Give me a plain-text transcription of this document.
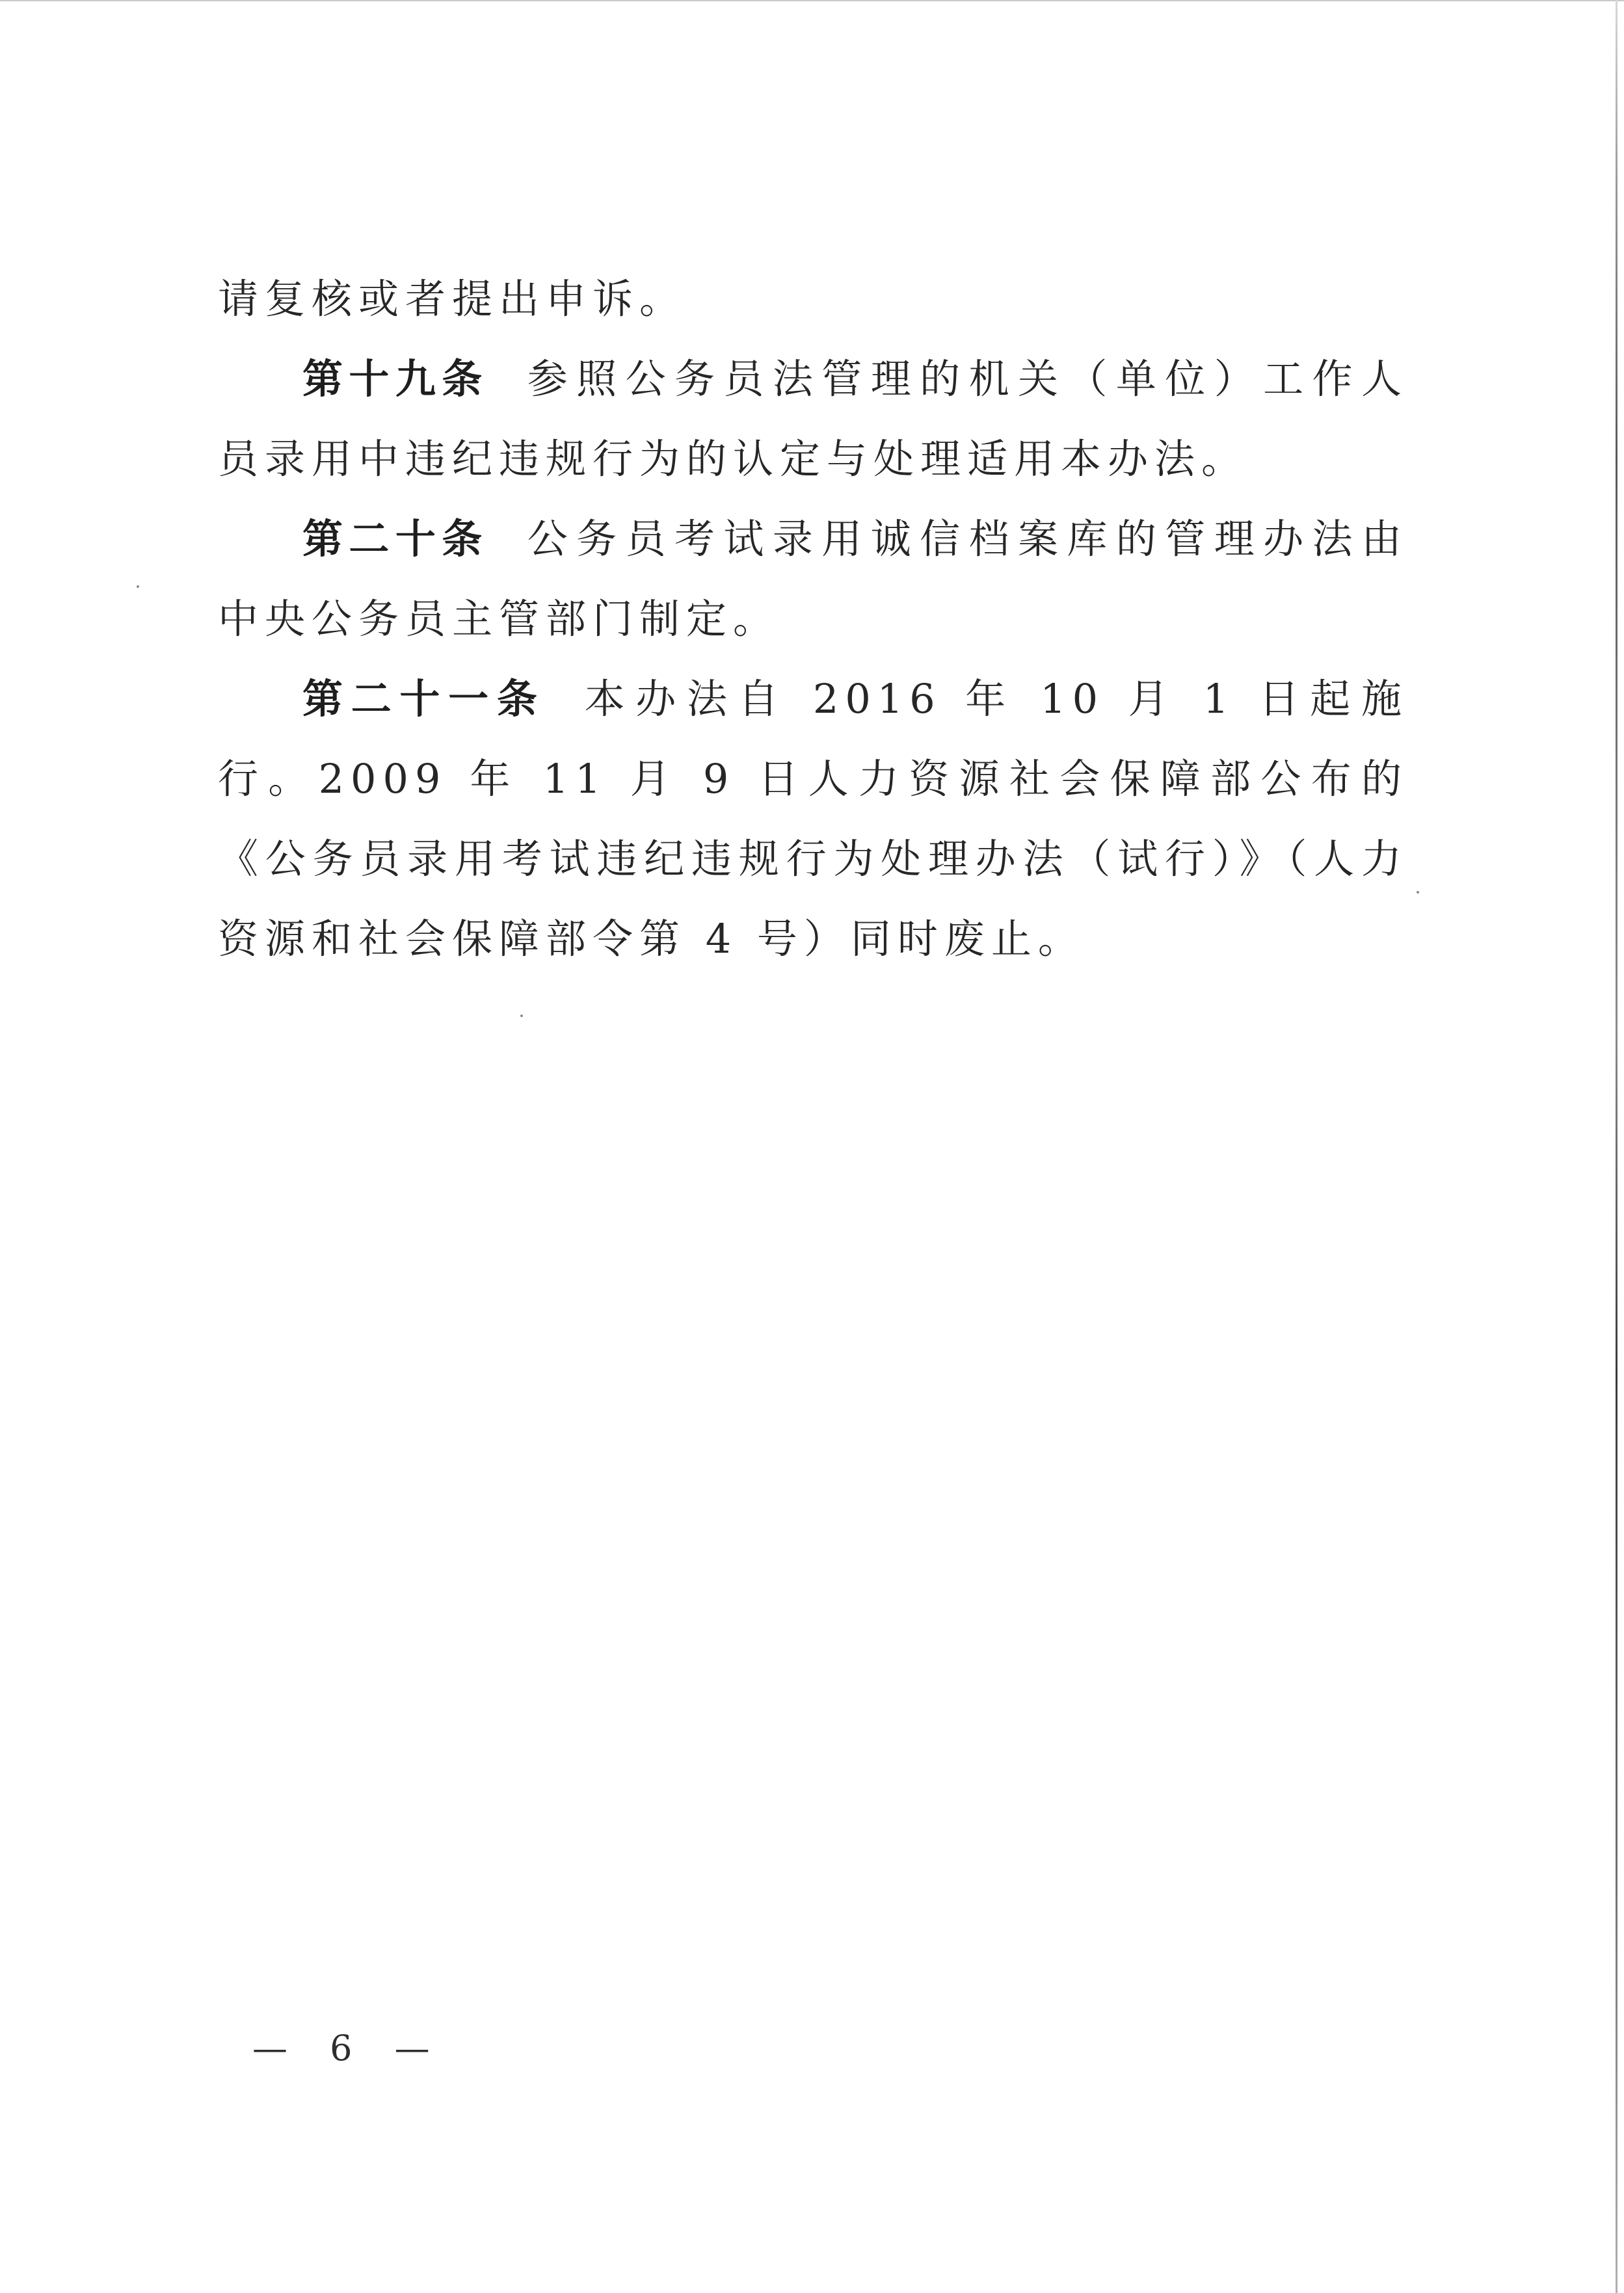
请复核或者提出申诉。

第十九条 参照公务员法管理的机关（单位）工作人员录用中违纪违规行为的认定与处理适用本办法。

第二十条 公务员考试录用诚信档案库的管理办法由中央公务员主管部门制定。

第二十一条 本办法自 2016 年 10 月 1 日起施行。2009 年 11 月 9 日人力资源社会保障部公布的《公务员录用考试违纪违规行为处理办法（试行）》（人力资源和社会保障部令第 4 号）同时废止。

— 6 —
